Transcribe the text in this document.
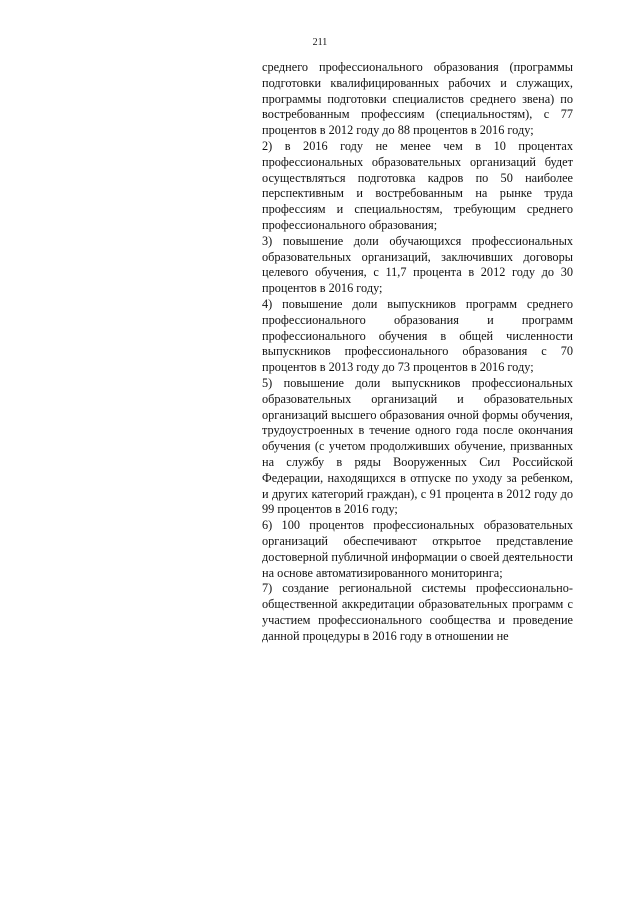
211

среднего профессионального образования (программы подготовки квалифицированных рабочих и служащих, программы подготовки специалистов среднего звена) по востребованным профессиям (специальностям), с 77 процентов в 2012 году до 88 процентов в 2016 году;

2) в 2016 году не менее чем в 10 процентах профессиональных образовательных организаций будет осуществляться подготовка кадров по 50 наиболее перспективным и востребованным на рынке труда профессиям и специальностям, требующим среднего профессионального образования;

3) повышение доли обучающихся профессиональных образовательных организаций, заключивших договоры целевого обучения, с 11,7 процента в 2012 году до 30 процентов в 2016 году;

4) повышение доли выпускников программ среднего профессионального образования и программ профессионального обучения в общей численности выпускников профессионального образования с 70 процентов в 2013 году до 73 процентов в 2016 году;

5) повышение доли выпускников профессиональных образовательных организаций и образовательных организаций высшего образования очной формы обучения, трудоустроенных в течение одного года после окончания обучения (с учетом продолживших обучение, призванных на службу в ряды Вооруженных Сил Российской Федерации, находящихся в отпуске по уходу за ребенком, и других категорий граждан), с 91 процента в 2012 году до 99 процентов в 2016 году;

6) 100 процентов профессиональных образовательных организаций обеспечивают открытое представление достоверной публичной информации о своей деятельности на основе автоматизированного мониторинга;

7) создание региональной системы профессионально-общественной аккредитации образовательных программ с участием профессионального сообщества и проведение данной процедуры в 2016 году в отношении не
